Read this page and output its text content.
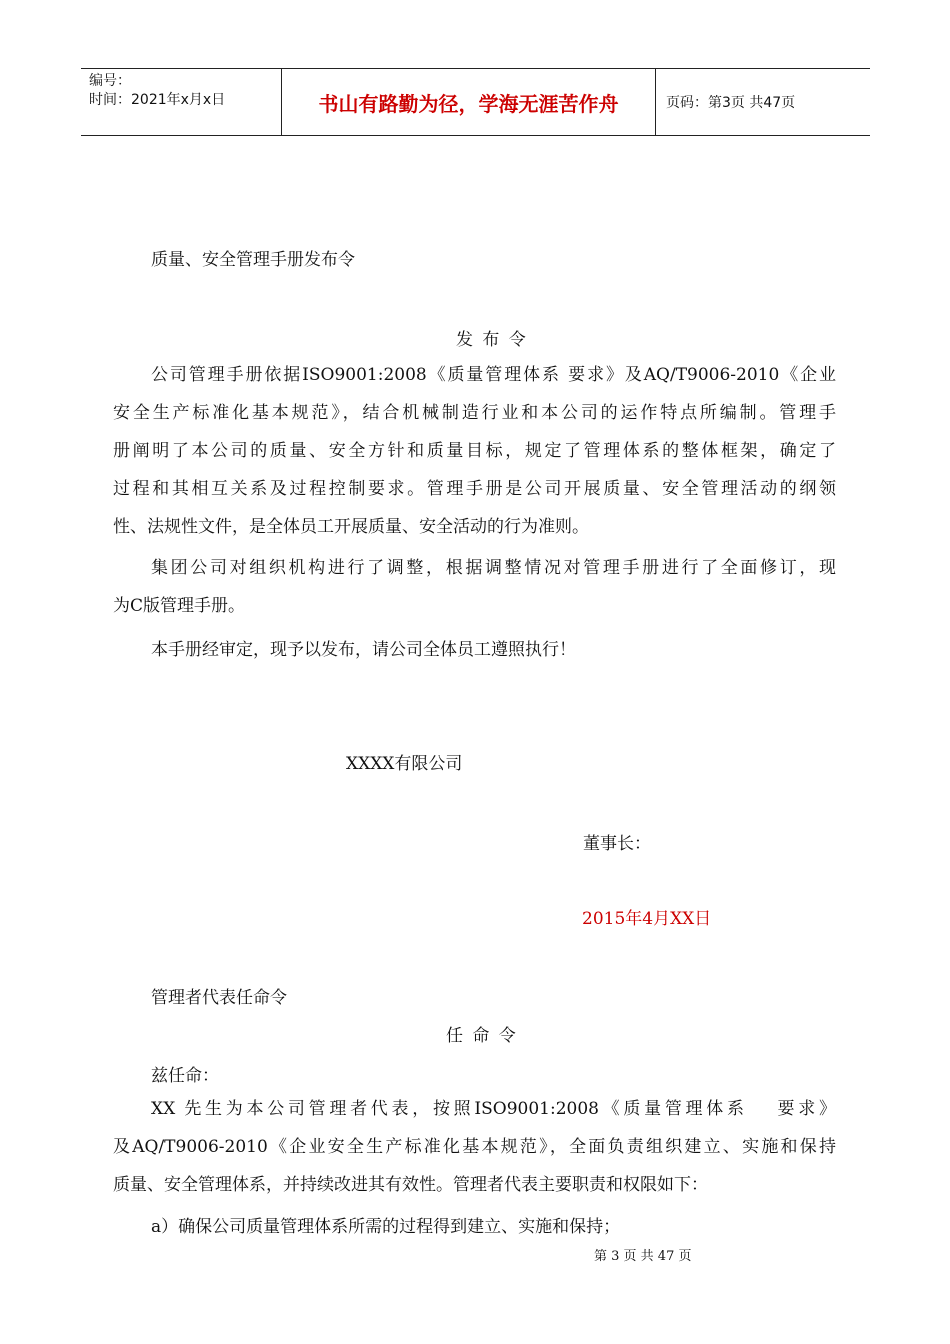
编号：
时间：2021年x月x日	书山有路勤为径，学海无涯苦作舟	页码：第3页 共47页
质量、安全管理手册发布令
发 布 令
公司管理手册依据ISO9001:2008《质量管理体系 要求》及AQ/T9006-2010《企业
安全生产标准化基本规范》，结合机械制造行业和本公司的运作特点所编制。管理手
册阐明了本公司的质量、安全方针和质量目标，规定了管理体系的整体框架，确定了
过程和其相互关系及过程控制要求。管理手册是公司开展质量、安全管理活动的纲领
性、法规性文件，是全体员工开展质量、安全活动的行为准则。
集团公司对组织机构进行了调整，根据调整情况对管理手册进行了全面修订，现
为C版管理手册。
本手册经审定，现予以发布，请公司全体员工遵照执行！
XXXX有限公司
董事长：
2015年4月XX日
管理者代表任命令
任 命 令
兹任命：
XX 先生为本公司管理者代表，按照ISO9001:2008《质量管理体系　 要求》
及AQ/T9006-2010《企业安全生产标准化基本规范》，全面负责组织建立、实施和保持
质量、安全管理体系，并持续改进其有效性。管理者代表主要职责和权限如下：
a）确保公司质量管理体系所需的过程得到建立、实施和保持；
第 3 页 共 47 页
